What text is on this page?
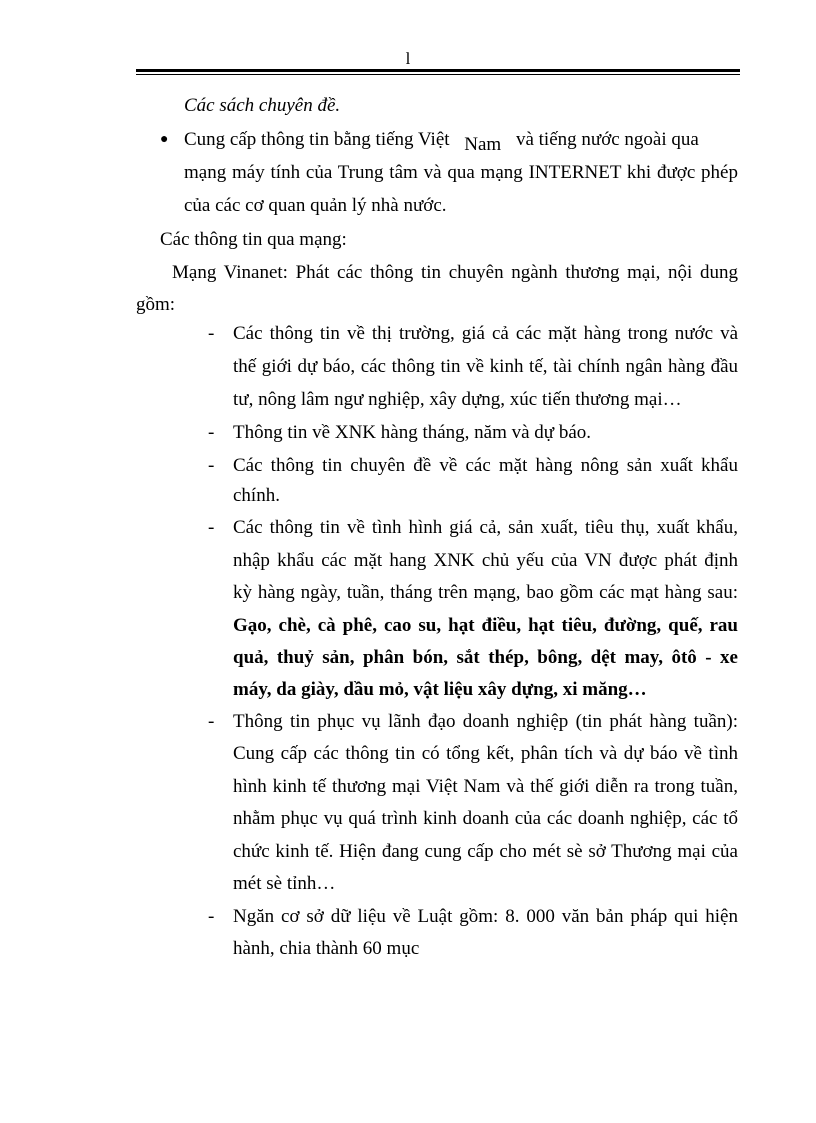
l
Các sách chuyên đề.
● Cung cấp thông tin bằng tiếng Việt Nam và tiếng nước ngoài qua
mạng máy tính của Trung tâm và qua mạng INTERNET khi được phép
của các cơ quan quản lý nhà nước.
Các thông tin qua mạng:
Mạng Vinanet: Phát các thông tin chuyên ngành thương mại, nội dung
gồm:
- Các thông tin về thị trường, giá cả các mặt hàng trong nước và
thế giới dự báo, các thông tin về kinh tế, tài chính ngân hàng đầu
tư, nông lâm ngư nghiệp, xây dựng, xúc tiến thương mại…
- Thông tin về XNK hàng tháng, năm và dự báo.
- Các thông tin chuyên đề về các mặt hàng nông sản xuất khẩu
chính.
- Các thông tin về tình hình giá cả, sản xuất, tiêu thụ, xuất khẩu,
nhập khẩu các mặt hang XNK chủ yếu của VN được phát định
kỳ hàng ngày, tuần, tháng trên mạng, bao gồm các mạt hàng sau:
Gạo, chè, cà phê, cao su, hạt điều, hạt tiêu, đường, quế, rau
quả, thuỷ sản, phân bón, sắt thép, bông, dệt may, ôtô - xe
máy, da giày, dầu mỏ, vật liệu xây dựng, xi măng…
- Thông tin phục vụ lãnh đạo doanh nghiệp (tin phát hàng tuần):
Cung cấp các thông tin có tổng kết, phân tích và dự báo về tình
hình kinh tế thương mại Việt Nam và thế giới diễn ra trong tuần,
nhằm phục vụ quá trình kinh doanh của các doanh nghiệp, các tổ
chức kinh tế. Hiện đang cung cấp cho mét sè sở Thương mại của
mét sè tỉnh…
- Ngăn cơ sở dữ liệu về Luật gồm: 8. 000 văn bản pháp qui hiện
hành, chia thành 60 mục
